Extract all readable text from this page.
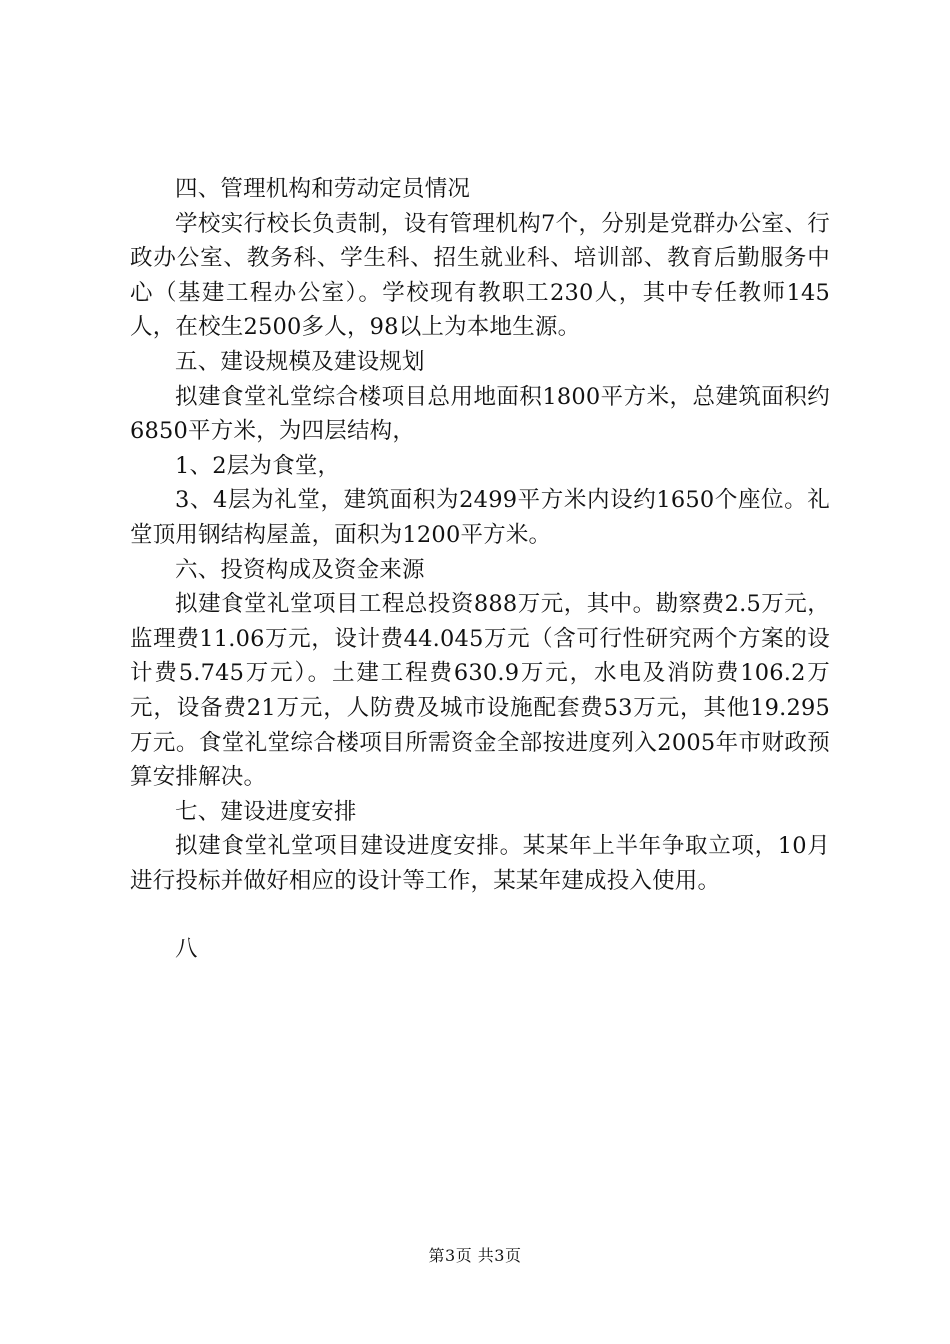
四、管理机构和劳动定员情况

学校实行校长负责制，设有管理机构7个，分别是党群办公室、行政办公室、教务科、学生科、招生就业科、培训部、教育后勤服务中心（基建工程办公室）。学校现有教职工230人，其中专任教师145人，在校生2500多人，98以上为本地生源。

五、建设规模及建设规划

拟建食堂礼堂综合楼项目总用地面积1800平方米，总建筑面积约6850平方米，为四层结构，

1、2层为食堂，

3、4层为礼堂，建筑面积为2499平方米内设约1650个座位。礼堂顶用钢结构屋盖，面积为1200平方米。

六、投资构成及资金来源

拟建食堂礼堂项目工程总投资888万元，其中。勘察费2.5万元，监理费11.06万元，设计费44.045万元（含可行性研究两个方案的设计费5.745万元）。土建工程费630.9万元，水电及消防费106.2万元，设备费21万元，人防费及城市设施配套费53万元，其他19.295万元。食堂礼堂综合楼项目所需资金全部按进度列入2005年市财政预算安排解决。

七、建设进度安排

拟建食堂礼堂项目建设进度安排。某某年上半年争取立项，10月进行投标并做好相应的设计等工作，某某年建成投入使用。

八

第3页 共3页
